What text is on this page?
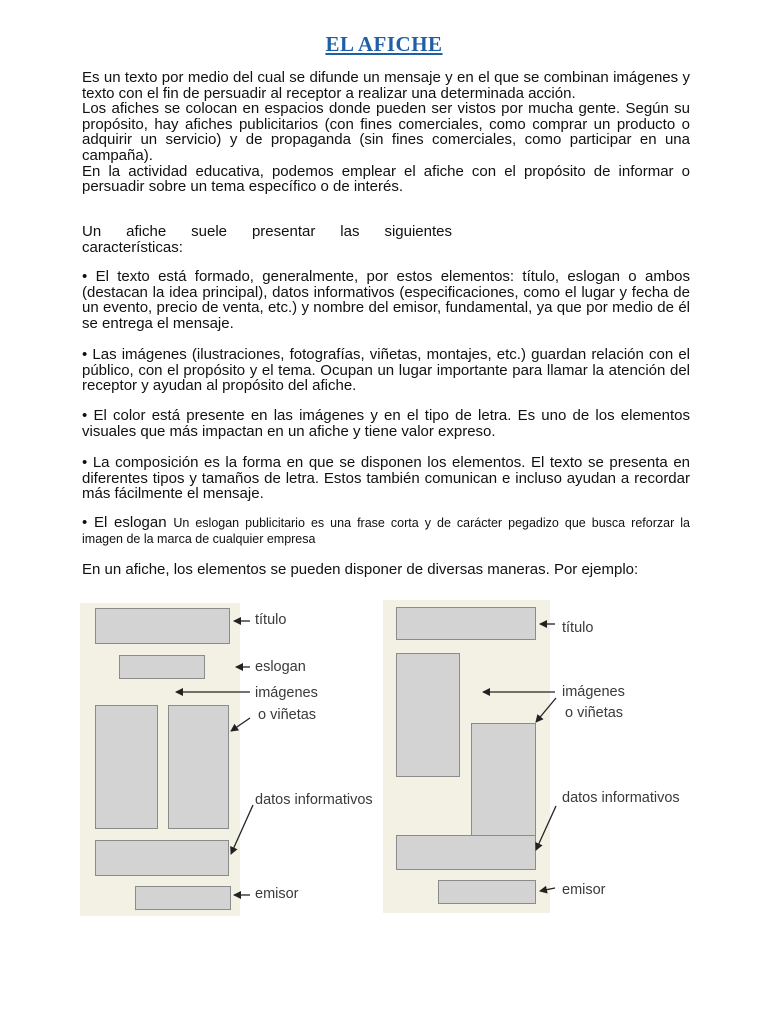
EL AFICHE

Es un texto por medio del cual se difunde un mensaje y en el que se combinan imágenes y texto con el fin de persuadir al receptor a realizar una determinada acción.

Los afiches se colocan en espacios donde pueden ser vistos por mucha gente. Según su propósito, hay afiches publicitarios (con fines comerciales, como comprar un producto o adquirir un servicio) y de propaganda (sin fines comerciales, como participar en una campaña).

En la actividad educativa, podemos emplear el afiche con el propósito de informar o persuadir sobre un tema específico o de interés.

Un afiche suele presentar las siguientes

características:

• El texto está formado, generalmente, por estos elementos: título, eslogan o ambos (destacan la idea principal), datos informativos (especificaciones, como el lugar y fecha de un evento, precio de venta, etc.) y nombre del emisor, fundamental, ya que por medio de él se entrega el mensaje.
• Las imágenes (ilustraciones, fotografías, viñetas, montajes, etc.) guardan relación con el público, con el propósito y el tema. Ocupan un lugar importante para llamar la atención del receptor y ayudan al propósito del afiche.
• El color está presente en las imágenes y en el tipo de letra. Es uno de los elementos visuales que más impactan en un afiche y tiene valor expreso.
• La composición es la forma en que se disponen los elementos. El texto se presenta en diferentes tipos y tamaños de letra. Estos también comunican e incluso ayudan a recordar más fácilmente el mensaje.
• El eslogan Un eslogan publicitario es una frase corta y de carácter pegadizo que busca reforzar la imagen de la marca de cualquier empresa
En un afiche, los elementos se pueden disponer de diversas maneras. Por ejemplo:
título
eslogan
imágenes
o viñetas
datos informativos
emisor
título
imágenes
o viñetas
datos informativos
emisor
